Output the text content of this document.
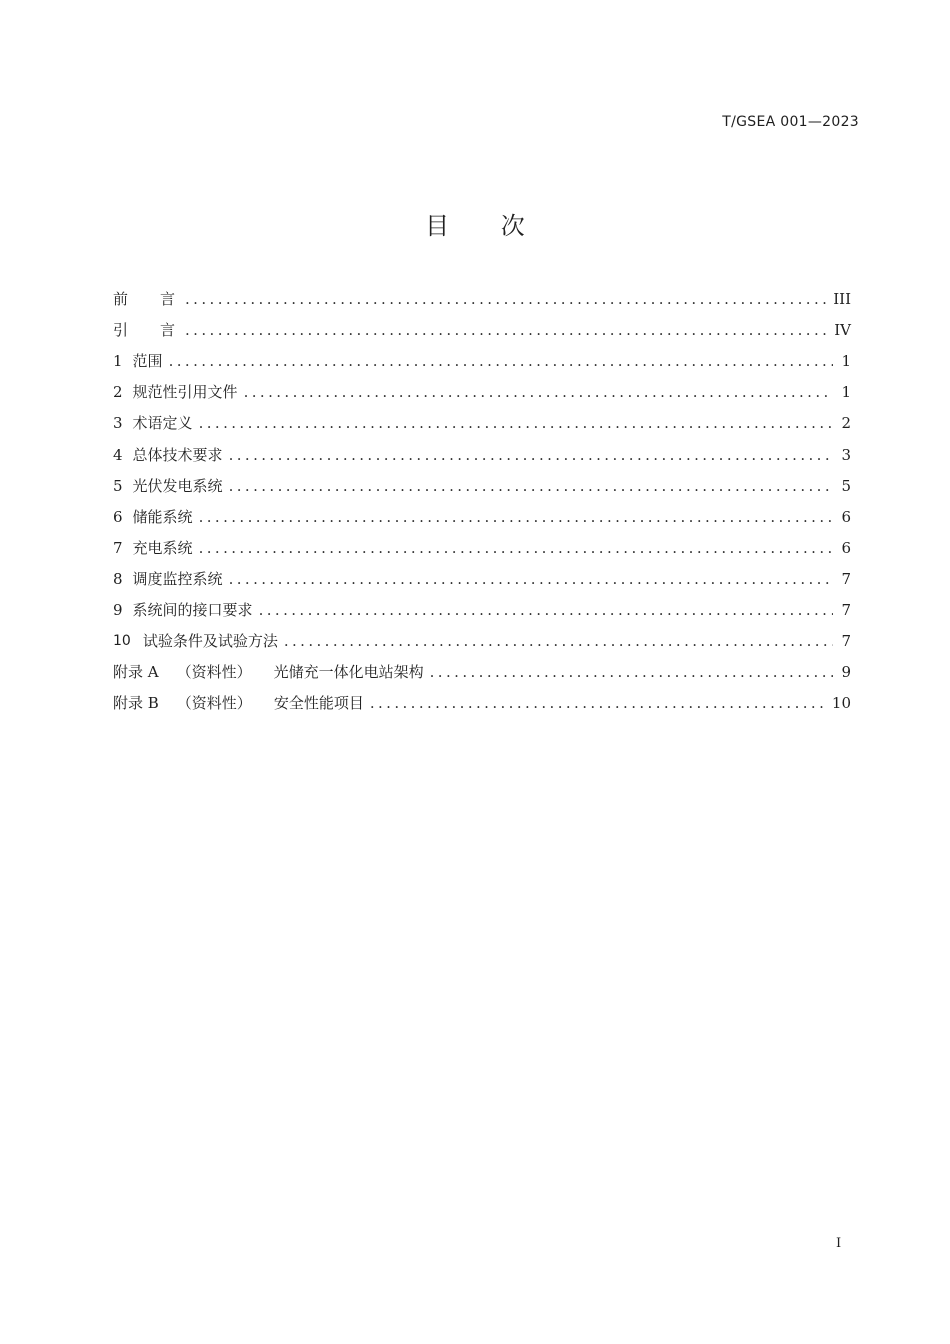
T/GSEA 001—2023
目 次
前言 .....	III
引言 .....	IV
1 范围 .....	1
2 规范性引用文件 .....	1
3 术语定义 .....	2
4 总体技术要求 .....	3
5 光伏发电系统 .....	5
6 储能系统 .....	6
7 充电系统 .....	6
8 调度监控系统 .....	7
9 系统间的接口要求 .....	7
10 试验条件及试验方法 .....	7
附录 A （资料性） 光储充一体化电站架构 .....	9
附录 B （资料性） 安全性能项目 .....	10
I
